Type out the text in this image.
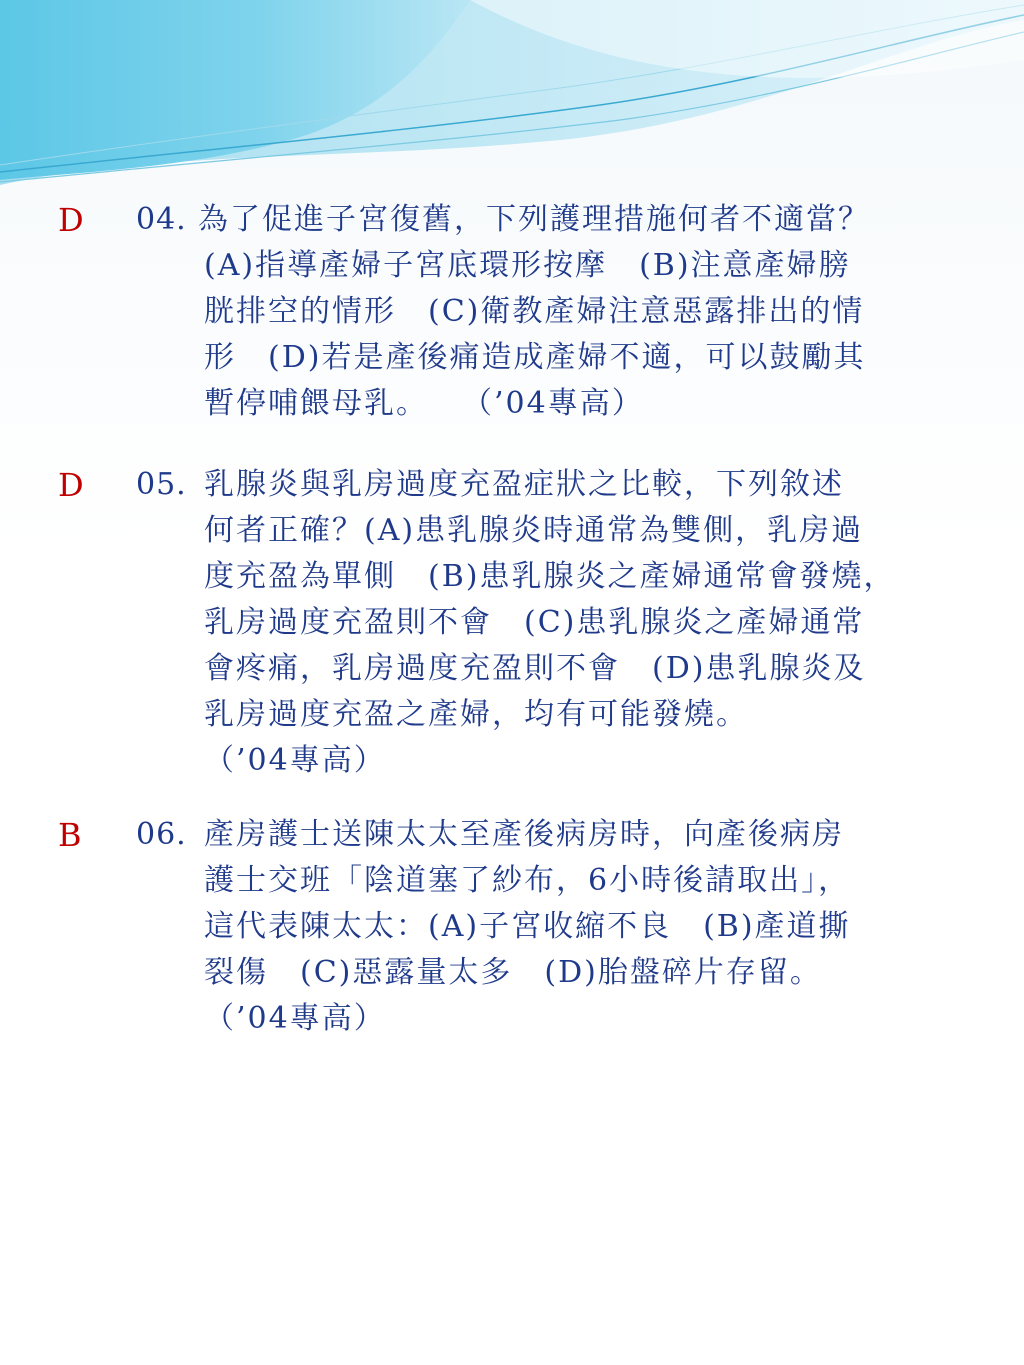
D 04. 為了促進子宮復舊，下列護理措施何者不適當？
(A)指導產婦子宮底環形按摩　(B)注意產婦膀
胱排空的情形　(C)衛教產婦注意惡露排出的情
形　(D)若是產後痛造成產婦不適，可以鼓勵其
暫停哺餵母乳。　　（’04專高）
D 05. 乳腺炎與乳房過度充盈症狀之比較，下列敘述
何者正確？(A)患乳腺炎時通常為雙側，乳房過
度充盈為單側　(B)患乳腺炎之產婦通常會發燒，
乳房過度充盈則不會　(C)患乳腺炎之產婦通常
會疼痛，乳房過度充盈則不會　(D)患乳腺炎及
乳房過度充盈之產婦，均有可能發燒。
（’04專高）
B 06. 產房護士送陳太太至產後病房時，向產後病房
護士交班「陰道塞了紗布，6小時後請取出」，
這代表陳太太：(A)子宮收縮不良　(B)產道撕
裂傷　(C)惡露量太多　(D)胎盤碎片存留。
（’04專高）
